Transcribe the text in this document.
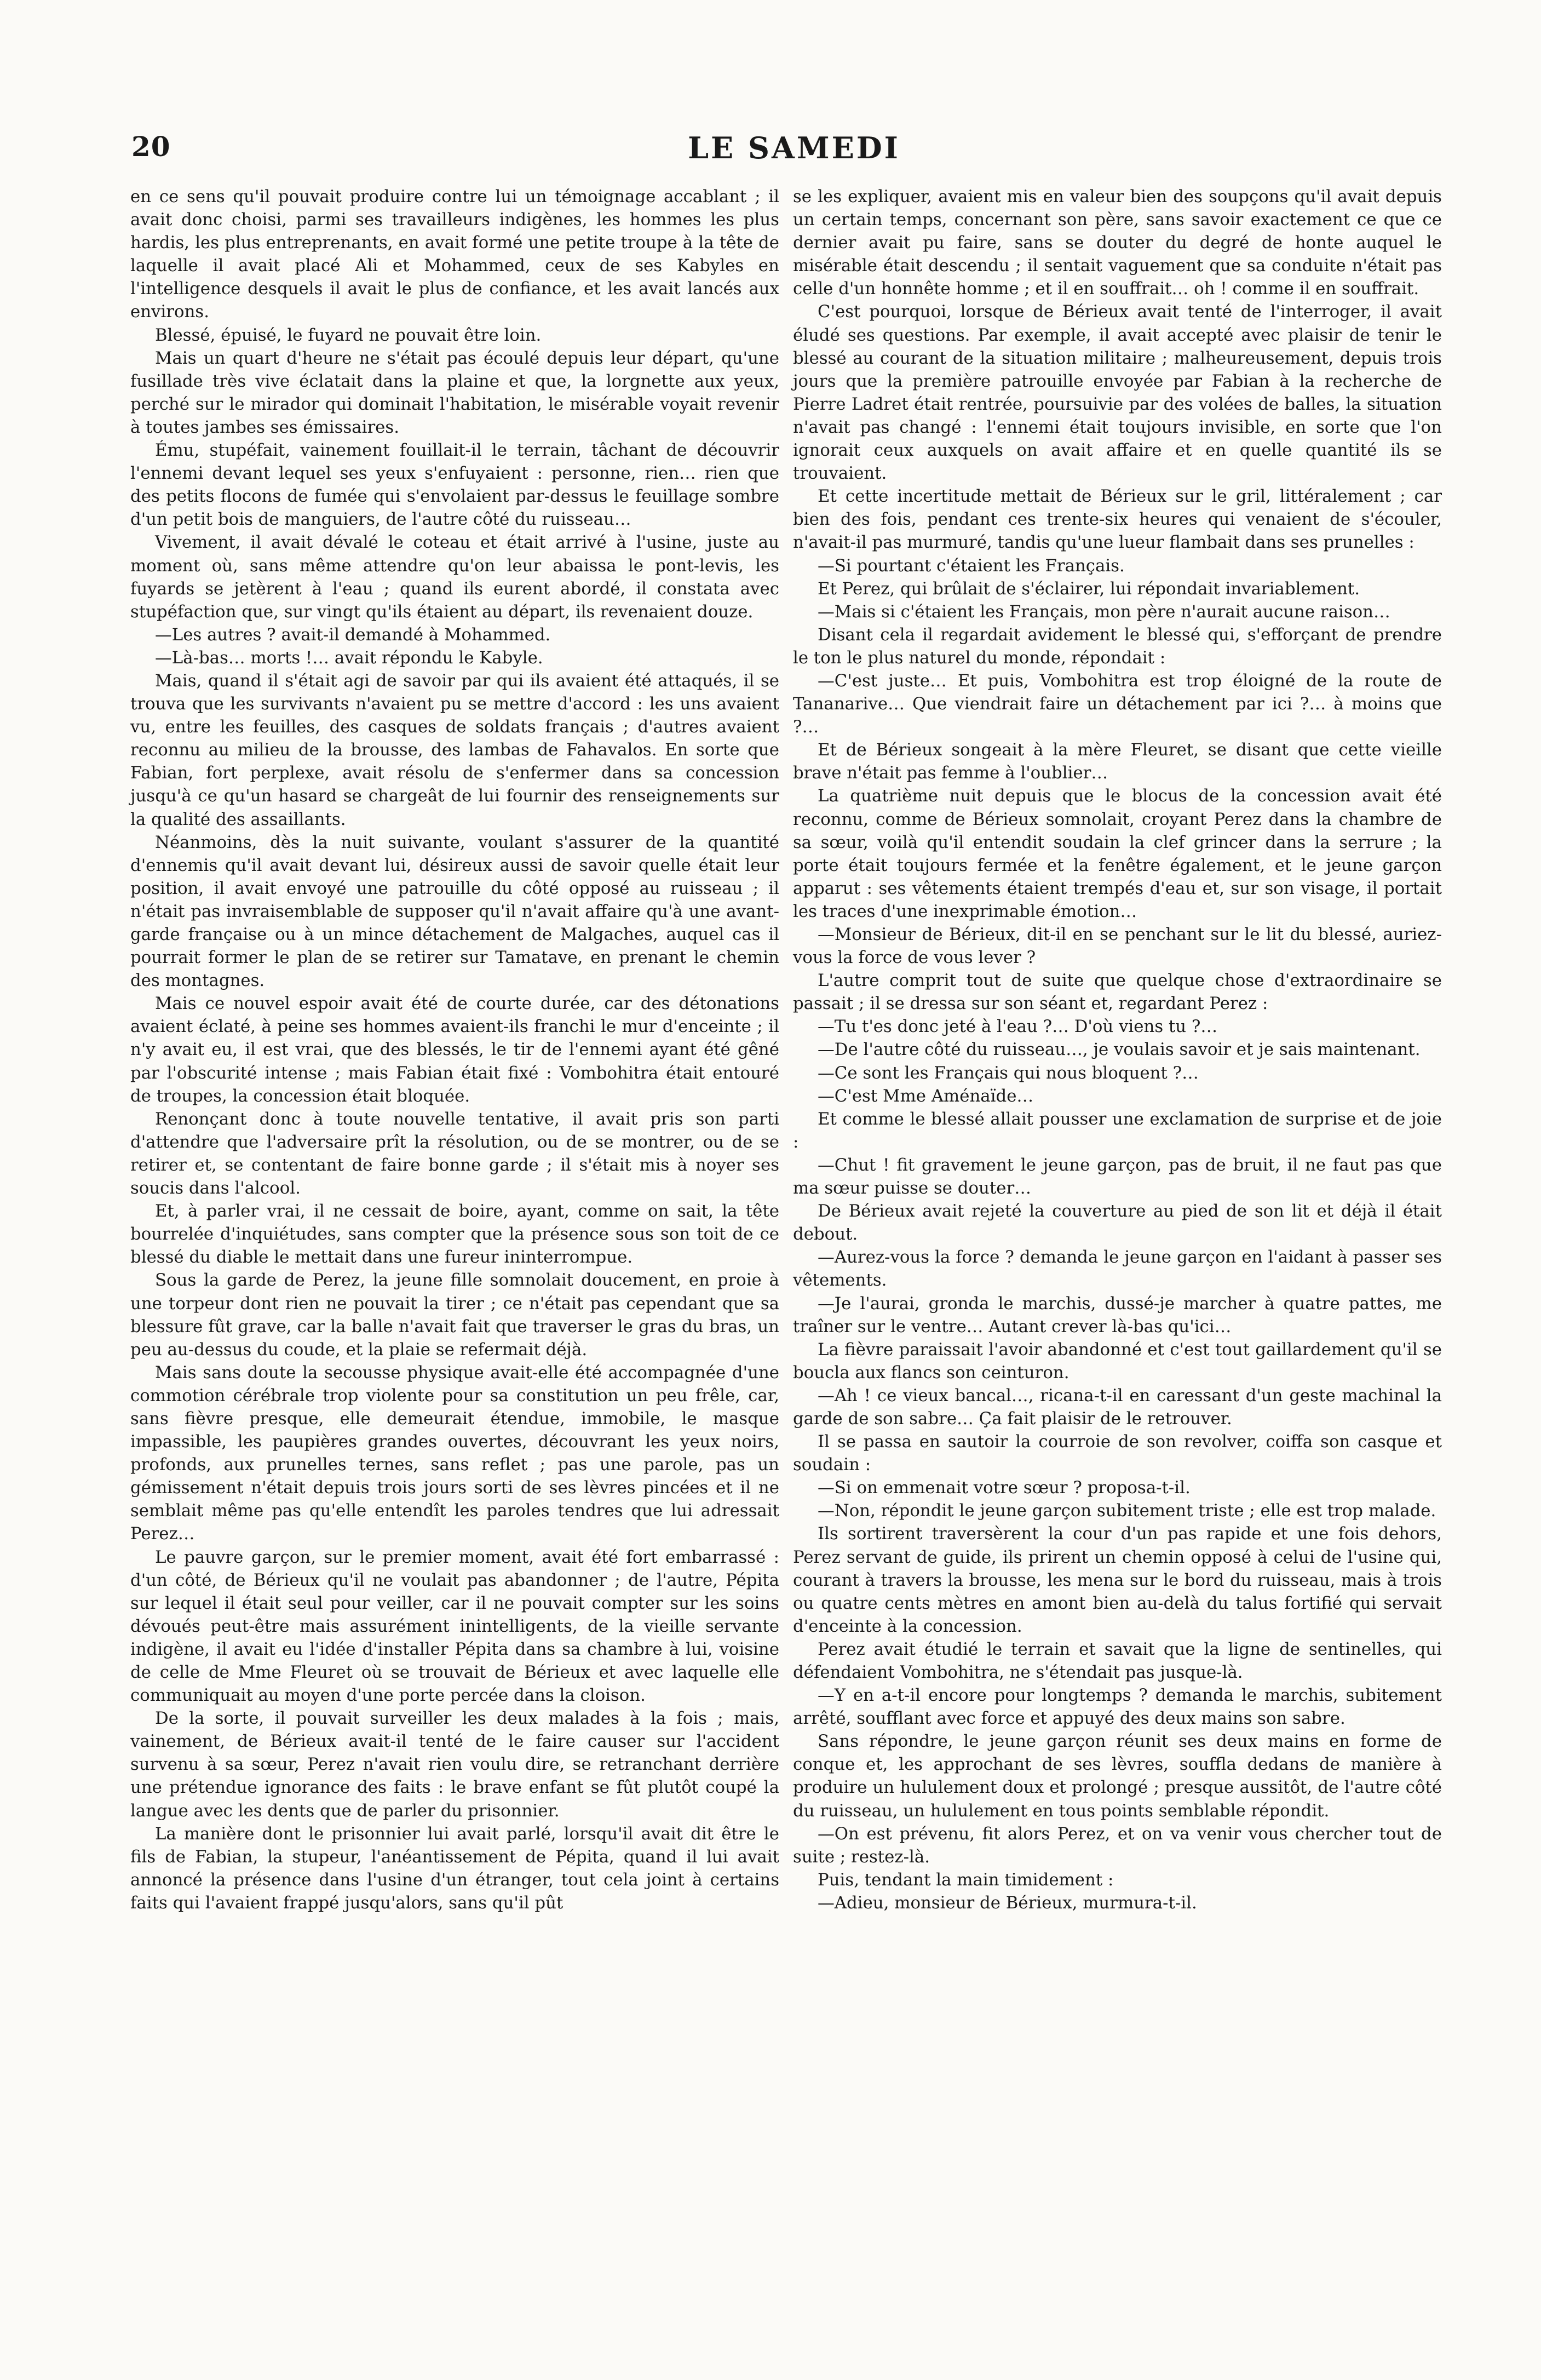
20	LE SAMEDI

en ce sens qu'il pouvait produire contre lui un témoignage accablant ; il avait donc choisi, parmi ses travailleurs indigènes, les hommes les plus hardis, les plus entreprenants, en avait formé une petite troupe à la tête de laquelle il avait placé Ali et Mohammed, ceux de ses Kabyles en l'intelligence desquels il avait le plus de confiance, et les avait lancés aux environs.

Blessé, épuisé, le fuyard ne pouvait être loin.

Mais un quart d'heure ne s'était pas écoulé depuis leur départ, qu'une fusillade très vive éclatait dans la plaine et que, la lorgnette aux yeux, perché sur le mirador qui dominait l'habitation, le misérable voyait revenir à toutes jambes ses émissaires.

Ému, stupéfait, vainement fouillait-il le terrain, tâchant de découvrir l'ennemi devant lequel ses yeux s'enfuyaient : personne, rien… rien que des petits flocons de fumée qui s'envolaient par-dessus le feuillage sombre d'un petit bois de manguiers, de l'autre côté du ruisseau…

Vivement, il avait dévalé le coteau et était arrivé à l'usine, juste au moment où, sans même attendre qu'on leur abaissa le pont-levis, les fuyards se jetèrent à l'eau ; quand ils eurent abordé, il constata avec stupéfaction que, sur vingt qu'ils étaient au départ, ils revenaient douze.

—Les autres ? avait-il demandé à Mohammed.

—Là-bas… morts !… avait répondu le Kabyle.

Mais, quand il s'était agi de savoir par qui ils avaient été attaqués, il se trouva que les survivants n'avaient pu se mettre d'accord : les uns avaient vu, entre les feuilles, des casques de soldats français ; d'autres avaient reconnu au milieu de la brousse, des lambas de Fahavalos. En sorte que Fabian, fort perplexe, avait résolu de s'enfermer dans sa concession jusqu'à ce qu'un hasard se chargeât de lui fournir des renseignements sur la qualité des assaillants.

Néanmoins, dès la nuit suivante, voulant s'assurer de la quantité d'ennemis qu'il avait devant lui, désireux aussi de savoir quelle était leur position, il avait envoyé une patrouille du côté opposé au ruisseau ; il n'était pas invraisemblable de supposer qu'il n'avait affaire qu'à une avant-garde française ou à un mince détachement de Malgaches, auquel cas il pourrait former le plan de se retirer sur Tamatave, en prenant le chemin des montagnes.

Mais ce nouvel espoir avait été de courte durée, car des détonations avaient éclaté, à peine ses hommes avaient-ils franchi le mur d'enceinte ; il n'y avait eu, il est vrai, que des blessés, le tir de l'ennemi ayant été gêné par l'obscurité intense ; mais Fabian était fixé : Vombohitra était entouré de troupes, la concession était bloquée.

Renonçant donc à toute nouvelle tentative, il avait pris son parti d'attendre que l'adversaire prît la résolution, ou de se montrer, ou de se retirer et, se contentant de faire bonne garde ; il s'était mis à noyer ses soucis dans l'alcool.

Et, à parler vrai, il ne cessait de boire, ayant, comme on sait, la tête bourrelée d'inquiétudes, sans compter que la présence sous son toit de ce blessé du diable le mettait dans une fureur ininterrompue.

Sous la garde de Perez, la jeune fille somnolait doucement, en proie à une torpeur dont rien ne pouvait la tirer ; ce n'était pas cependant que sa blessure fût grave, car la balle n'avait fait que traverser le gras du bras, un peu au-dessus du coude, et la plaie se refermait déjà.

Mais sans doute la secousse physique avait-elle été accompagnée d'une commotion cérébrale trop violente pour sa constitution un peu frêle, car, sans fièvre presque, elle demeurait étendue, immobile, le masque impassible, les paupières grandes ouvertes, découvrant les yeux noirs, profonds, aux prunelles ternes, sans reflet ; pas une parole, pas un gémissement n'était depuis trois jours sorti de ses lèvres pincées et il ne semblait même pas qu'elle entendît les paroles tendres que lui adressait Perez…

Le pauvre garçon, sur le premier moment, avait été fort embarrassé : d'un côté, de Bérieux qu'il ne voulait pas abandonner ; de l'autre, Pépita sur lequel il était seul pour veiller, car il ne pouvait compter sur les soins dévoués peut-être mais assurément inintelligents, de la vieille servante indigène, il avait eu l'idée d'installer Pépita dans sa chambre à lui, voisine de celle de Mme Fleuret où se trouvait de Bérieux et avec laquelle elle communiquait au moyen d'une porte percée dans la cloison.

De la sorte, il pouvait surveiller les deux malades à la fois ; mais, vainement, de Bérieux avait-il tenté de le faire causer sur l'accident survenu à sa sœur, Perez n'avait rien voulu dire, se retranchant derrière une prétendue ignorance des faits : le brave enfant se fût plutôt coupé la langue avec les dents que de parler du prisonnier.

La manière dont le prisonnier lui avait parlé, lorsqu'il avait dit être le fils de Fabian, la stupeur, l'anéantissement de Pépita, quand il lui avait annoncé la présence dans l'usine d'un étranger, tout cela joint à certains faits qui l'avaient frappé jusqu'alors, sans qu'il pût

se les expliquer, avaient mis en valeur bien des soupçons qu'il avait depuis un certain temps, concernant son père, sans savoir exactement ce que ce dernier avait pu faire, sans se douter du degré de honte auquel le misérable était descendu ; il sentait vaguement que sa conduite n'était pas celle d'un honnête homme ; et il en souffrait… oh ! comme il en souffrait.

C'est pourquoi, lorsque de Bérieux avait tenté de l'interroger, il avait éludé ses questions. Par exemple, il avait accepté avec plaisir de tenir le blessé au courant de la situation militaire ; malheureusement, depuis trois jours que la première patrouille envoyée par Fabian à la recherche de Pierre Ladret était rentrée, poursuivie par des volées de balles, la situation n'avait pas changé : l'ennemi était toujours invisible, en sorte que l'on ignorait ceux auxquels on avait affaire et en quelle quantité ils se trouvaient.

Et cette incertitude mettait de Bérieux sur le gril, littéralement ; car bien des fois, pendant ces trente-six heures qui venaient de s'écouler, n'avait-il pas murmuré, tandis qu'une lueur flambait dans ses prunelles :

—Si pourtant c'étaient les Français.

Et Perez, qui brûlait de s'éclairer, lui répondait invariablement.

—Mais si c'étaient les Français, mon père n'aurait aucune raison…

Disant cela il regardait avidement le blessé qui, s'efforçant de prendre le ton le plus naturel du monde, répondait :

—C'est juste… Et puis, Vombohitra est trop éloigné de la route de Tananarive… Que viendrait faire un détachement par ici ?… à moins que ?…

Et de Bérieux songeait à la mère Fleuret, se disant que cette vieille brave n'était pas femme à l'oublier…

La quatrième nuit depuis que le blocus de la concession avait été reconnu, comme de Bérieux somnolait, croyant Perez dans la chambre de sa sœur, voilà qu'il entendit soudain la clef grincer dans la serrure ; la porte était toujours fermée et la fenêtre également, et le jeune garçon apparut : ses vêtements étaient trempés d'eau et, sur son visage, il portait les traces d'une inexprimable émotion…

—Monsieur de Bérieux, dit-il en se penchant sur le lit du blessé, auriez-vous la force de vous lever ?

L'autre comprit tout de suite que quelque chose d'extraordinaire se passait ; il se dressa sur son séant et, regardant Perez :

—Tu t'es donc jeté à l'eau ?… D'où viens tu ?…

—De l'autre côté du ruisseau…, je voulais savoir et je sais maintenant.

—Ce sont les Français qui nous bloquent ?…

—C'est Mme Aménaïde…

Et comme le blessé allait pousser une exclamation de surprise et de joie :

—Chut ! fit gravement le jeune garçon, pas de bruit, il ne faut pas que ma sœur puisse se douter…

De Bérieux avait rejeté la couverture au pied de son lit et déjà il était debout.

—Aurez-vous la force ? demanda le jeune garçon en l'aidant à passer ses vêtements.

—Je l'aurai, gronda le marchis, dussé-je marcher à quatre pattes, me traîner sur le ventre… Autant crever là-bas qu'ici…

La fièvre paraissait l'avoir abandonné et c'est tout gaillardement qu'il se boucla aux flancs son ceinturon.

—Ah ! ce vieux bancal…, ricana-t-il en caressant d'un geste machinal la garde de son sabre… Ça fait plaisir de le retrouver.

Il se passa en sautoir la courroie de son revolver, coiffa son casque et soudain :

—Si on emmenait votre sœur ? proposa-t-il.

—Non, répondit le jeune garçon subitement triste ; elle est trop malade.

Ils sortirent traversèrent la cour d'un pas rapide et une fois dehors, Perez servant de guide, ils prirent un chemin opposé à celui de l'usine qui, courant à travers la brousse, les mena sur le bord du ruisseau, mais à trois ou quatre cents mètres en amont bien au-delà du talus fortifié qui servait d'enceinte à la concession.

Perez avait étudié le terrain et savait que la ligne de sentinelles, qui défendaient Vombohitra, ne s'étendait pas jusque-là.

—Y en a-t-il encore pour longtemps ? demanda le marchis, subitement arrêté, soufflant avec force et appuyé des deux mains son sabre.

Sans répondre, le jeune garçon réunit ses deux mains en forme de conque et, les approchant de ses lèvres, souffla dedans de manière à produire un hululement doux et prolongé ; presque aussitôt, de l'autre côté du ruisseau, un hululement en tous points semblable répondit.

—On est prévenu, fit alors Perez, et on va venir vous chercher tout de suite ; restez-là.

Puis, tendant la main timidement :

—Adieu, monsieur de Bérieux, murmura-t-il.
